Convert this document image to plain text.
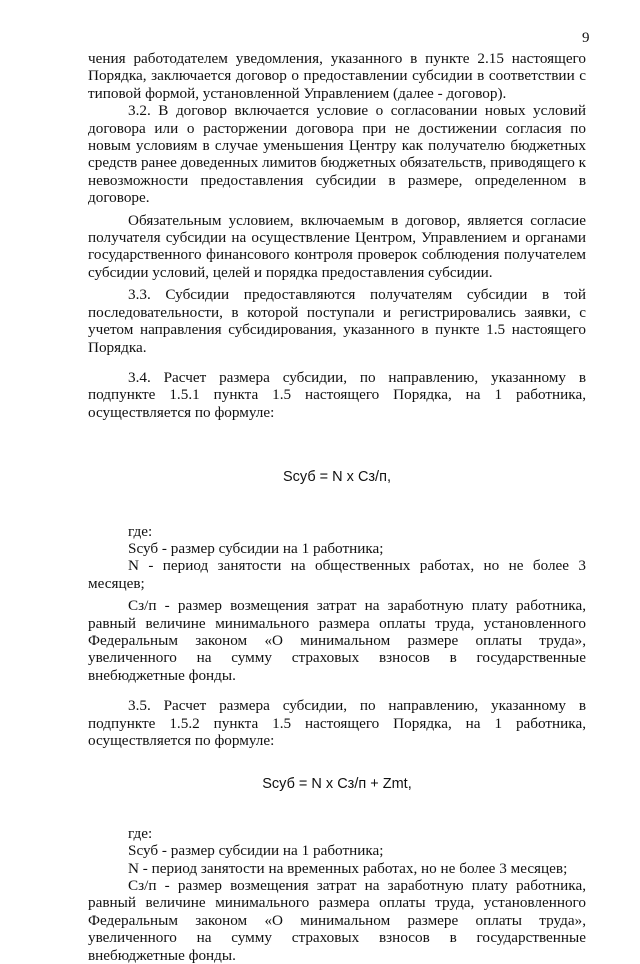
9

чения работодателем уведомления, указанного в пункте 2.15 настоящего Порядка, заключается договор о предоставлении субсидии в соответствии с типовой формой, установленной Управлением (далее - договор).

3.2. В договор включается условие о согласовании новых условий договора или о расторжении договора при не достижении согласия по новым условиям в случае уменьшения Центру как получателю бюджетных средств ранее доведенных лимитов бюджетных обязательств, приводящего к невозможности предоставления субсидии в размере, определенном в договоре.

Обязательным условием, включаемым в договор, является согласие получателя субсидии на осуществление Центром, Управлением и органами государственного финансового контроля проверок соблюдения получателем субсидии условий, целей и порядка предоставления субсидии.

3.3. Субсидии предоставляются получателям субсидии в той последовательности, в которой поступали и регистрировались заявки, с учетом направления субсидирования, указанного в пункте 1.5 настоящего Порядка.

3.4. Расчет размера субсидии, по направлению, указанному в подпункте 1.5.1 пункта 1.5 настоящего Порядка, на 1 работника, осуществляется по формуле:

Sсуб = N x Cз/п,

где:

Sсуб - размер субсидии на 1 работника;

N - период занятости на общественных работах, но не более 3 месяцев;

Сз/п - размер возмещения затрат на заработную плату работника, равный величине минимального размера оплаты труда, установленного Федеральным законом «О минимальном размере оплаты труда», увеличенного на сумму страховых взносов в государственные внебюджетные фонды.

3.5. Расчет размера субсидии, по направлению, указанному в подпункте 1.5.2 пункта 1.5 настоящего Порядка, на 1 работника, осуществляется по формуле:

Sсуб = N x Сз/п + Zmt,

где:

Sсуб - размер субсидии на 1 работника;

N - период занятости на временных работах, но не более 3 месяцев;

Сз/п - размер возмещения затрат на заработную плату работника, равный величине минимального размера оплаты труда, установленного Федеральным законом «О минимальном размере оплаты труда», увеличенного на сумму страховых взносов в государственные внебюджетные фонды.
